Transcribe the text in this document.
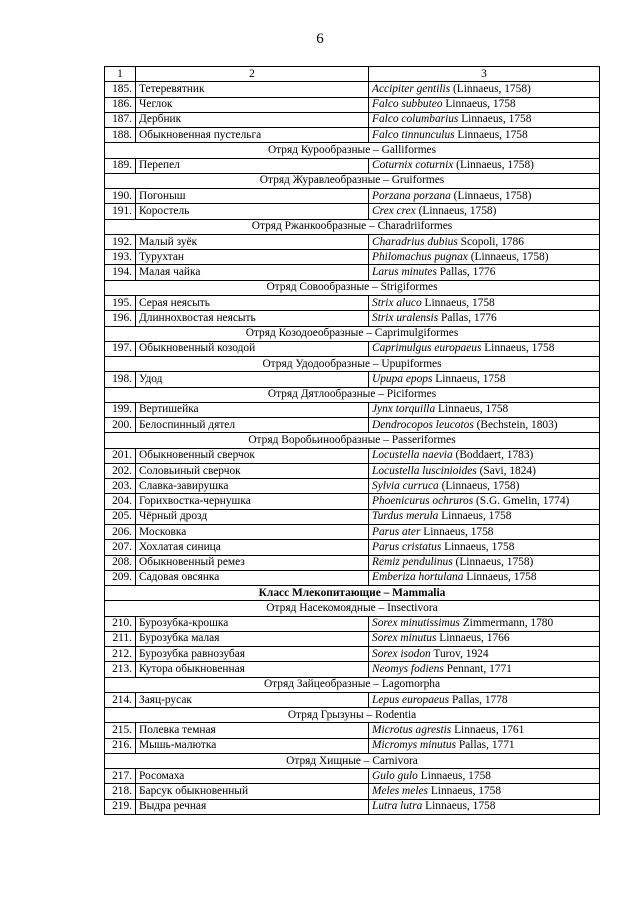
6
1	2	3
185.	Тетеревятник	Accipiter gentilis (Linnaeus, 1758)
186.	Чеглок	Falco subbuteo Linnaeus, 1758
187.	Дербник	Falco columbarius Linnaeus, 1758
188.	Обыкновенная пустельга	Falco tinnunculus Linnaeus, 1758
Отряд Курообразные – Galliformes		
189.	Перепел	Coturnix coturnix (Linnaeus, 1758)
Отряд Журавлеобразные – Gruiformes		
190.	Погоныш	Porzana porzana (Linnaeus, 1758)
191.	Коростель	Crex crex (Linnaeus, 1758)
Отряд Ржанкообразные – Charadriiformes		
192.	Малый зуёк	Charadrius dubius Scopoli, 1786
193.	Турухтан	Philomachus pugnax (Linnaeus, 1758)
194.	Малая чайка	Larus minutes Pallas, 1776
Отряд Совообразные – Strigiformes		
195.	Серая неясыть	Strix aluco Linnaeus, 1758
196.	Длиннохвостая неясыть	Strix uralensis Pallas, 1776
Отряд Козодоеобразные – Caprimulgiformes		
197.	Обыкновенный козодой	Caprimulgus europaeus Linnaeus, 1758
Отряд Удодообразные – Upupiformes		
198.	Удод	Upupa epops Linnaeus, 1758
Отряд Дятлообразные – Piciformes		
199.	Вертишейка	Jynx torquilla Linnaeus, 1758
200.	Белоспинный дятел	Dendrocopos leucotos (Bechstein, 1803)
Отряд Воробьинообразные – Passeriformes		
201.	Обыкновенный сверчок	Locustella naevia (Boddaert, 1783)
202.	Соловьиный сверчок	Locustella luscinioides (Savi, 1824)
203.	Славка-завирушка	Sylvia curruca (Linnaeus, 1758)
204.	Горихвостка-чернушка	Phoenicurus ochruros (S.G. Gmelin, 1774)
205.	Чёрный дрозд	Turdus merula Linnaeus, 1758
206.	Московка	Parus ater Linnaeus, 1758
207.	Хохлатая синица	Parus cristatus Linnaeus, 1758
208.	Обыкновенный ремез	Remiz pendulinus (Linnaeus, 1758)
209.	Садовая овсянка	Emberiza hortulana Linnaeus, 1758
Класс Млекопитающие – Mammalia		
Отряд Насекомоядные – Insectivora		
210.	Бурозубка-крошка	Sorex minutissimus Zimmermann, 1780
211.	Бурозубка малая	Sorex minutus Linnaeus, 1766
212.	Бурозубка равнозубая	Sorex isodon Turov, 1924
213.	Кутора обыкновенная	Neomys fodiens Pennant, 1771
Отряд Зайцеобразные – Lagomorpha		
214.	Заяц-русак	Lepus europaeus Pallas, 1778
Отряд Грызуны – Rodentia		
215.	Полевка темная	Microtus agrestis Linnaeus, 1761
216.	Мышь-малютка	Micromys minutus Pallas, 1771
Отряд Хищные – Carnivora		
217.	Росомаха	Gulo gulo Linnaeus, 1758
218.	Барсук обыкновенный	Meles meles Linnaeus, 1758
219.	Выдра речная	Lutra lutra Linnaeus, 1758
